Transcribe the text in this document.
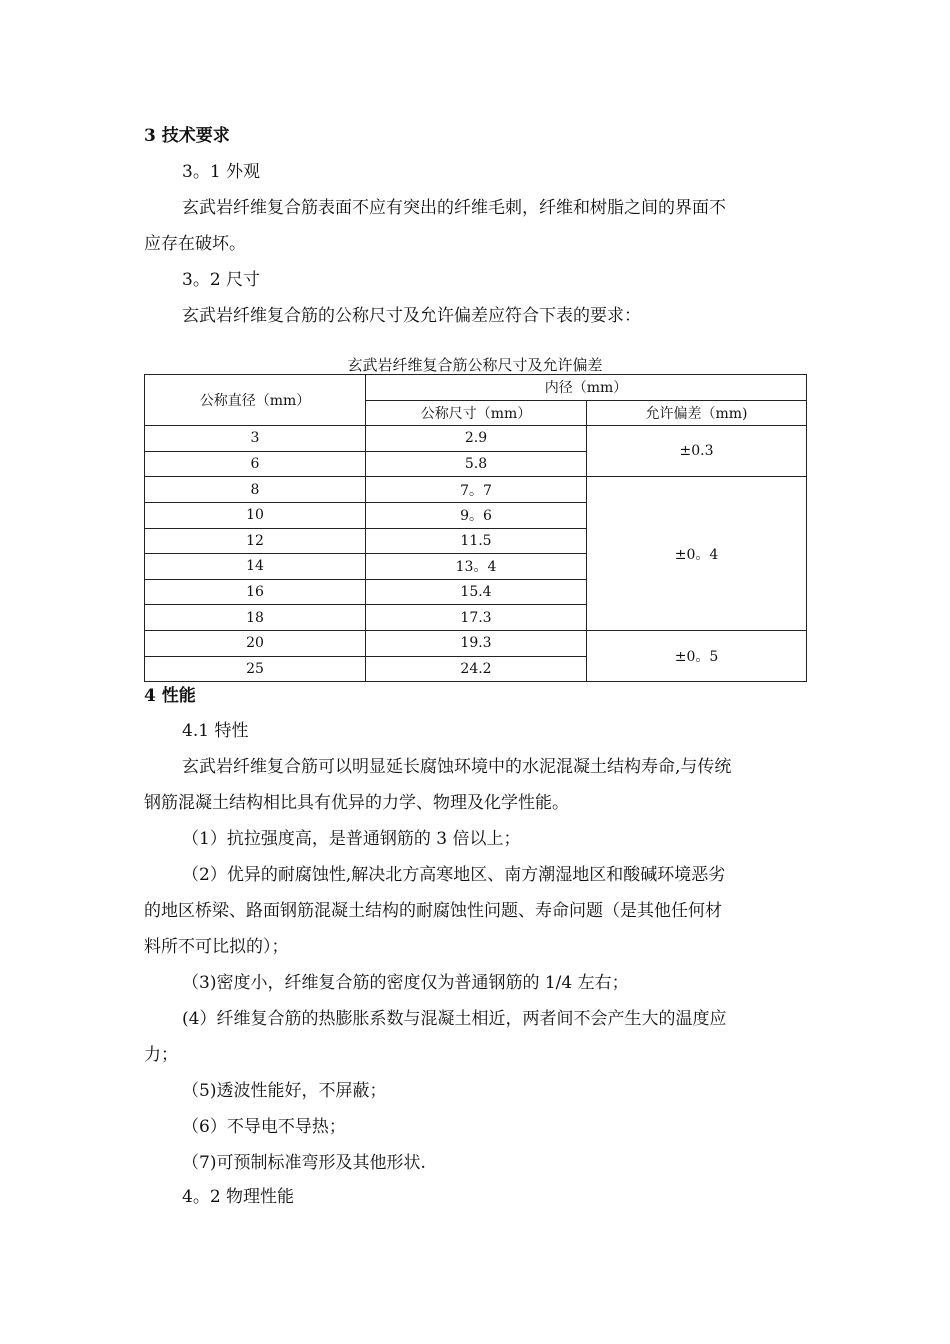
3 技术要求
3。1 外观
玄武岩纤维复合筋表面不应有突出的纤维毛刺，纤维和树脂之间的界面不
应存在破坏。
3。2 尺寸
玄武岩纤维复合筋的公称尺寸及允许偏差应符合下表的要求：
玄武岩纤维复合筋公称尺寸及允许偏差
公称直径（mm）	内径（mm）	
	公称尺寸（mm）	允许偏差（mm)
3	2.9	±0.3
6	5.8	
8	7。7	±0。4
10	9。6	
12	11.5	
14	13。4	
16	15.4	
18	17.3	
20	19.3	±0。5
25	24.2	
4 性能
4.1 特性
玄武岩纤维复合筋可以明显延长腐蚀环境中的水泥混凝土结构寿命,与传统
钢筋混凝土结构相比具有优异的力学、物理及化学性能。
（1）抗拉强度高，是普通钢筋的 3 倍以上；
（2）优异的耐腐蚀性,解决北方高寒地区、南方潮湿地区和酸碱环境恶劣
的地区桥梁、路面钢筋混凝土结构的耐腐蚀性问题、寿命问题（是其他任何材
料所不可比拟的）；
（3)密度小，纤维复合筋的密度仅为普通钢筋的 1/4 左右；
(4）纤维复合筋的热膨胀系数与混凝土相近，两者间不会产生大的温度应
力；
（5)透波性能好，不屏蔽；
（6）不导电不导热；
（7)可预制标准弯形及其他形状.
4。2 物理性能
